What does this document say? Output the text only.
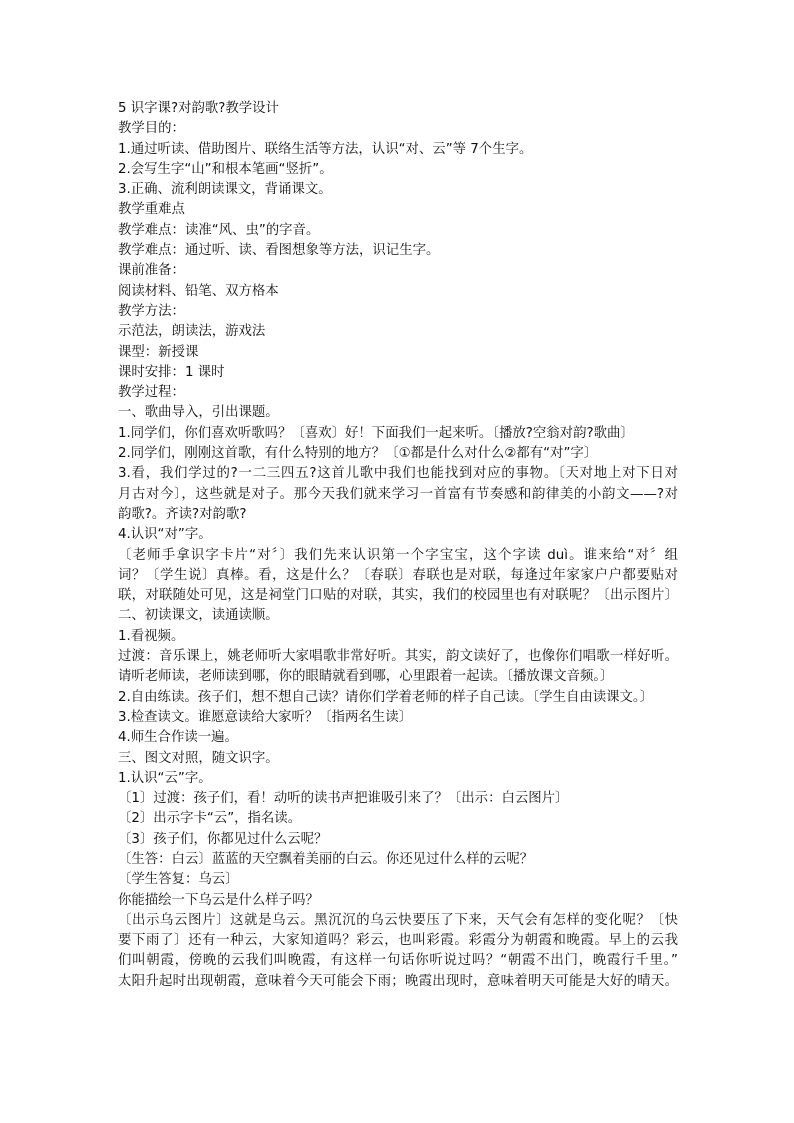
5 识字课?对韵歌?教学设计
教学目的：
1.通过听读、借助图片、联络生活等方法，认识“对、云”等 7个生字。
2.会写生字“山”和根本笔画“竖折”。
3.正确、流利朗读课文，背诵课文。
教学重难点
教学难点：读准“风、虫”的字音。
教学难点：通过听、读、看图想象等方法，识记生字。
课前准备：
阅读材料、铅笔、双方格本
教学方法：
示范法，朗读法，游戏法
课型：新授课
课时安排：1 课时
教学过程：
一、歌曲导入，引出课题。
1.同学们，你们喜欢听歌吗？〔喜欢〕好！下面我们一起来听。〔播放?空翁对韵?歌曲〕
2.同学们，刚刚这首歌，有什么特别的地方？〔①都是什么对什么②都有“对”字〕
3.看，我们学过的?一二三四五?这首儿歌中我们也能找到对应的事物。〔天对地上对下日对
月古对今〕，这些就是对子。那今天我们就来学习一首富有节奏感和韵律美的小韵文——?对
韵歌?。齐读?对韵歌?
4.认识“对”字。
〔老师手拿识字卡片“对〞〕我们先来认识第一个字宝宝，这个字读 duì。谁来给“对〞组
词？〔学生说〕真棒。看，这是什么？〔春联〕春联也是对联，每逢过年家家户户都要贴对
联，对联随处可见，这是祠堂门口贴的对联，其实，我们的校园里也有对联呢？〔出示图片〕
二、初读课文，读通读顺。
1.看视频。
过渡：音乐课上，姚老师听大家唱歌非常好听。其实，韵文读好了，也像你们唱歌一样好听。
请听老师读，老师读到哪，你的眼睛就看到哪，心里跟着一起读。〔播放课文音频。〕
2.自由练读。孩子们，想不想自己读？请你们学着老师的样子自己读。〔学生自由读课文。〕
3.检查读文。谁愿意读给大家听？〔指两名生读〕
4.师生合作读一遍。
三、图文对照，随文识字。
1.认识“云”字。
〔1〕过渡：孩子们，看！动听的读书声把谁吸引来了？〔出示：白云图片〕
〔2〕出示字卡“云”，指名读。
〔3〕孩子们，你都见过什么云呢？
〔生答：白云〕蓝蓝的天空飘着美丽的白云。你还见过什么样的云呢？
〔学生答复：乌云〕
你能描绘一下乌云是什么样子吗？
〔出示乌云图片〕这就是乌云。黑沉沉的乌云快要压了下来，天气会有怎样的变化呢？〔快
要下雨了〕还有一种云，大家知道吗？彩云，也叫彩霞。彩霞分为朝霞和晚霞。早上的云我
们叫朝霞，傍晚的云我们叫晚霞，有这样一句话你听说过吗？“朝霞不出门，晚霞行千里。”
太阳升起时出现朝霞，意味着今天可能会下雨；晚霞出现时，意味着明天可能是大好的晴天。
